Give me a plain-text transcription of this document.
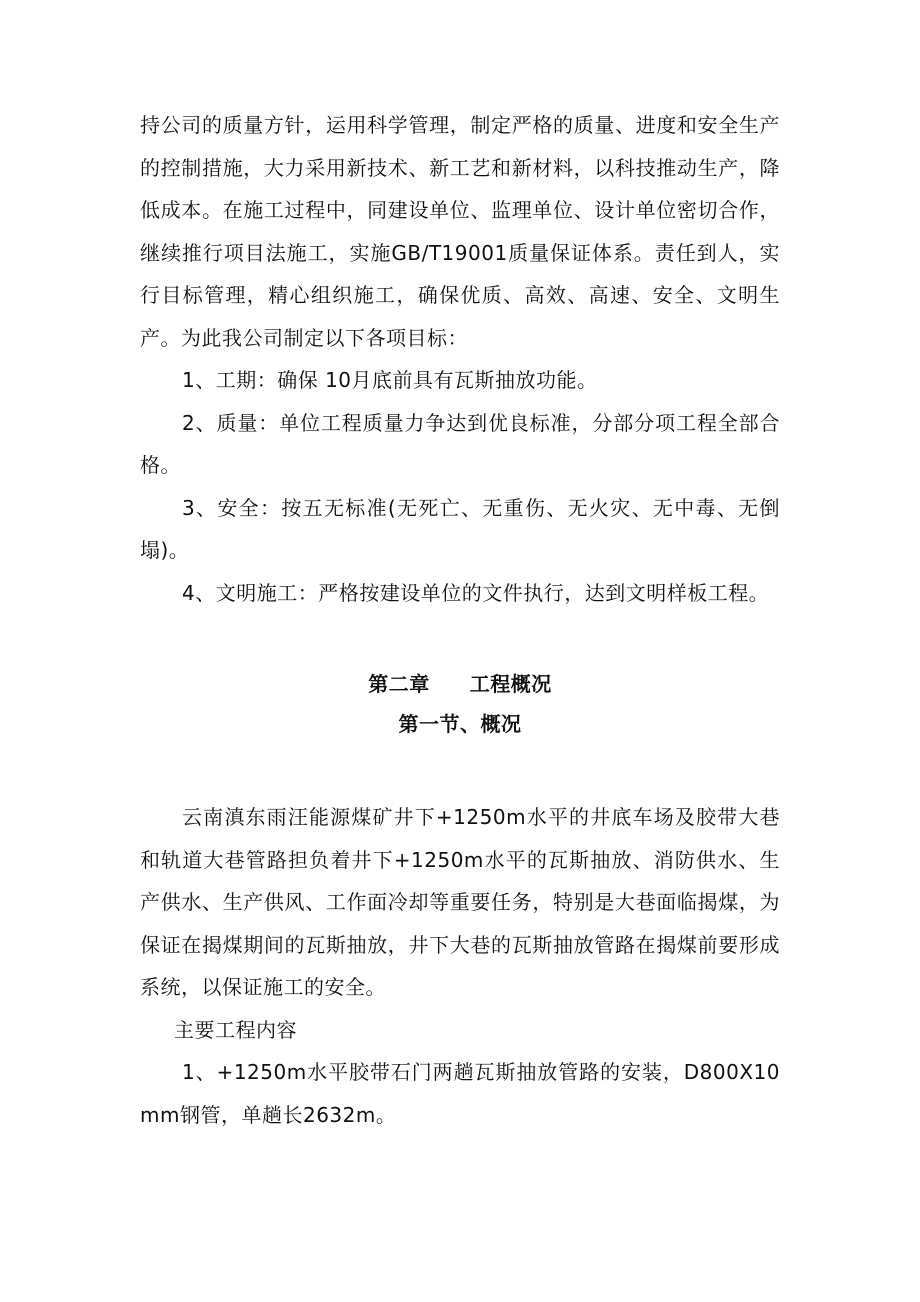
持公司的质量方针，运用科学管理，制定严格的质量、进度和安全生产的控制措施，大力采用新技术、新工艺和新材料，以科技推动生产，降低成本。在施工过程中，同建设单位、监理单位、设计单位密切合作，继续推行项目法施工，实施GB/T19001质量保证体系。责任到人，实行目标管理，精心组织施工，确保优质、高效、高速、安全、文明生产。为此我公司制定以下各项目标：

1、工期：确保 10月底前具有瓦斯抽放功能。

2、质量：单位工程质量力争达到优良标准，分部分项工程全部合格。

3、安全：按五无标准(无死亡、无重伤、无火灾、无中毒、无倒塌)。

4、文明施工：严格按建设单位的文件执行，达到文明样板工程。

第二章 工程概况

第一节、概况

云南滇东雨汪能源煤矿井下+1250m水平的井底车场及胶带大巷和轨道大巷管路担负着井下+1250m水平的瓦斯抽放、消防供水、生产供水、生产供风、工作面冷却等重要任务，特别是大巷面临揭煤，为保证在揭煤期间的瓦斯抽放，井下大巷的瓦斯抽放管路在揭煤前要形成系统，以保证施工的安全。

主要工程内容

1、+1250m水平胶带石门两趟瓦斯抽放管路的安装，D800X10mm钢管，单趟长2632m。
